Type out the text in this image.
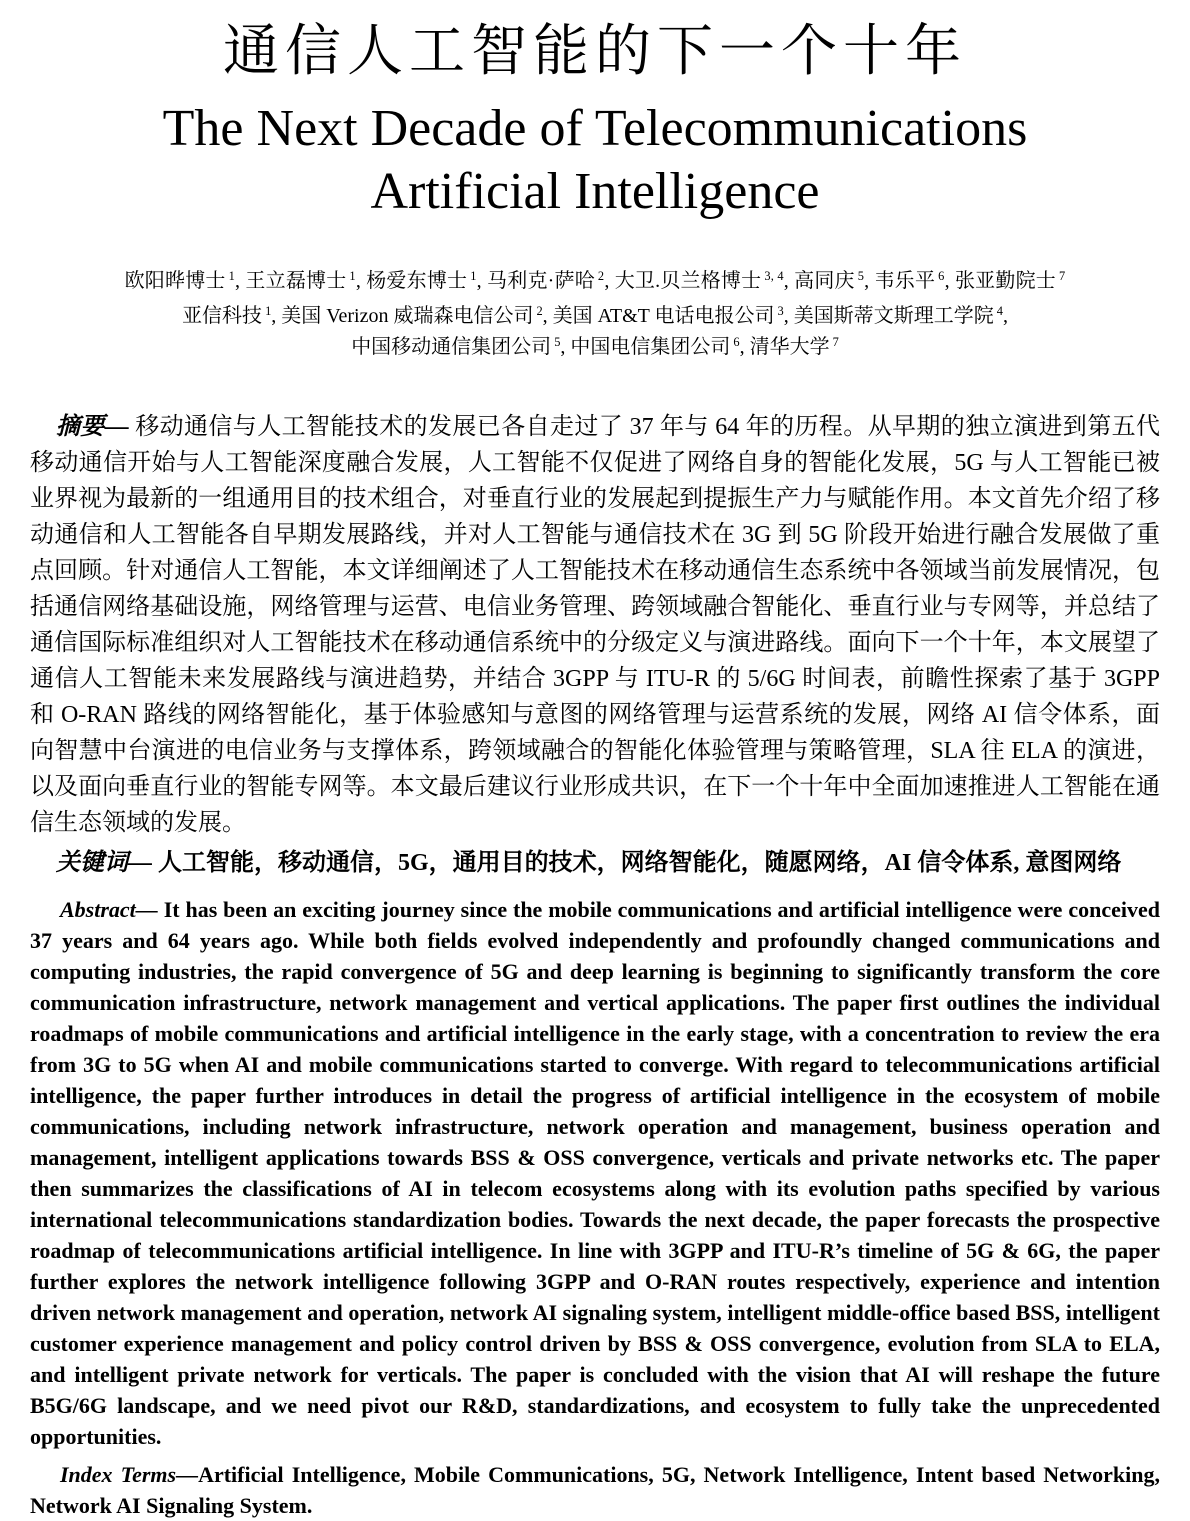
通信人工智能的下一个十年
The Next Decade of Telecommunications
Artificial Intelligence
欧阳晔博士 $^1$, 王立磊博士 $^1$, 杨爱东博士 $^1$, 马利克·萨哈 $^2$, 大卫.贝兰格博士 $^{3, 4}$, 高同庆 $^5$, 韦乐平 $^6$, 张亚勤院士 $^7$
亚信科技 $^1$, 美国 Verizon 威瑞森电信公司 $^2$, 美国 AT&T 电话电报公司 $^3$, 美国斯蒂文斯理工学院 $^4$,
中国移动通信集团公司 $^5$, 中国电信集团公司 $^6$, 清华大学 $^7$

摘要— 移动通信与人工智能技术的发展已各自走过了 37 年与 64 年的历程。从早期的独立演进到第五代移动通信开始与人工智能深度融合发展，人工智能不仅促进了网络自身的智能化发展，5G 与人工智能已被业界视为最新的一组通用目的技术组合，对垂直行业的发展起到提振生产力与赋能作用。本文首先介绍了移动通信和人工智能各自早期发展路线，并对人工智能与通信技术在 3G 到 5G 阶段开始进行融合发展做了重点回顾。针对通信人工智能，本文详细阐述了人工智能技术在移动通信生态系统中各领域当前发展情况，包括通信网络基础设施，网络管理与运营、电信业务管理、跨领域融合智能化、垂直行业与专网等，并总结了通信国际标准组织对人工智能技术在移动通信系统中的分级定义与演进路线。面向下一个十年，本文展望了通信人工智能未来发展路线与演进趋势，并结合 3GPP 与 ITU-R 的 5/6G 时间表，前瞻性探索了基于 3GPP 和 O-RAN 路线的网络智能化，基于体验感知与意图的网络管理与运营系统的发展，网络 AI 信令体系，面向智慧中台演进的电信业务与支撑体系，跨领域融合的智能化体验管理与策略管理，SLA 往 ELA 的演进，以及面向垂直行业的智能专网等。本文最后建议行业形成共识，在下一个十年中全面加速推进人工智能在通信生态领域的发展。

关键词— 人工智能，移动通信，5G，通用目的技术，网络智能化，随愿网络，AI 信令体系, 意图网络

Abstract— It has been an exciting journey since the mobile communications and artificial intelligence were conceived 37 years and 64 years ago. While both fields evolved independently and profoundly changed communications and computing industries, the rapid convergence of 5G and deep learning is beginning to significantly transform the core communication infrastructure, network management and vertical applications. The paper first outlines the individual roadmaps of mobile communications and artificial intelligence in the early stage, with a concentration to review the era from 3G to 5G when AI and mobile communications started to converge. With regard to telecommunications artificial intelligence, the paper further introduces in detail the progress of artificial intelligence in the ecosystem of mobile communications, including network infrastructure, network operation and management, business operation and management, intelligent applications towards BSS & OSS convergence, verticals and private networks etc. The paper then summarizes the classifications of AI in telecom ecosystems along with its evolution paths specified by various international telecommunications standardization bodies. Towards the next decade, the paper forecasts the prospective roadmap of telecommunications artificial intelligence. In line with 3GPP and ITU-R’s timeline of 5G & 6G, the paper further explores the network intelligence following 3GPP and O-RAN routes respectively, experience and intention driven network management and operation, network AI signaling system, intelligent middle-office based BSS, intelligent customer experience management and policy control driven by BSS & OSS convergence, evolution from SLA to ELA, and intelligent private network for verticals. The paper is concluded with the vision that AI will reshape the future B5G/6G landscape, and we need pivot our R&D, standardizations, and ecosystem to fully take the unprecedented opportunities.

Index Terms—Artificial Intelligence, Mobile Communications, 5G, Network Intelligence, Intent based Networking, Network AI Signaling System.
